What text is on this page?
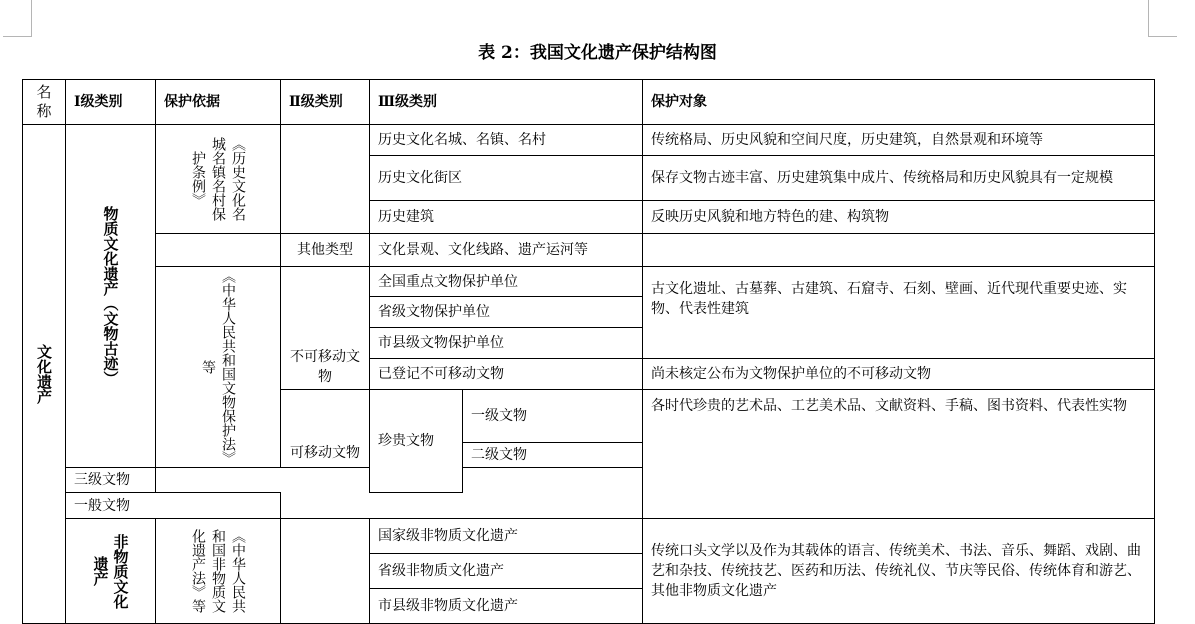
表 2：我国文化遗产保护结构图
名称	Ⅰ级类别	保护依据	Ⅱ级类别	Ⅲ级类别		保护对象

文化遗产	物质文化遗产（文物古迹）	《历史文化名城名镇名村保护条例》		历史文化名城、名镇、名村		传统格局、历史风貌和空间尺度，历史建筑，自然景观和环境等
				历史文化街区		保存文物古迹丰富、历史建筑集中成片、传统格局和历史风貌具有一定规模
				历史建筑		反映历史风貌和地方特色的建、构筑物
			其他类型	文化景观、文化线路、遗产运河等		

		《中华人民共和国文物保护法》等	不可移动文物	全国重点文物保护单位		古文化遗址、古墓葬、古建筑、石窟寺、石刻、壁画、近代现代重要史迹、实物、代表性建筑
				省级文物保护单位		
				市县级文物保护单位		
				已登记不可移动文物		尚未核定公布为文物保护单位的不可移动文物

			可移动文物	珍贵文物	一级文物	各时代珍贵的艺术品、工艺美术品、文献资料、手稿、图书资料、代表性实物
					二级文物	
	三级文物					
	一般文物					

	非物质文化遗产	《中华人民共和国非物质文化遗产法》等		国家级非物质文化遗产		传统口头文学以及作为其载体的语言、传统美术、书法、音乐、舞蹈、戏剧、曲艺和杂技、传统技艺、医药和历法、传统礼仪、节庆等民俗、传统体育和游艺、其他非物质文化遗产
				省级非物质文化遗产		
				市县级非物质文化遗产		
